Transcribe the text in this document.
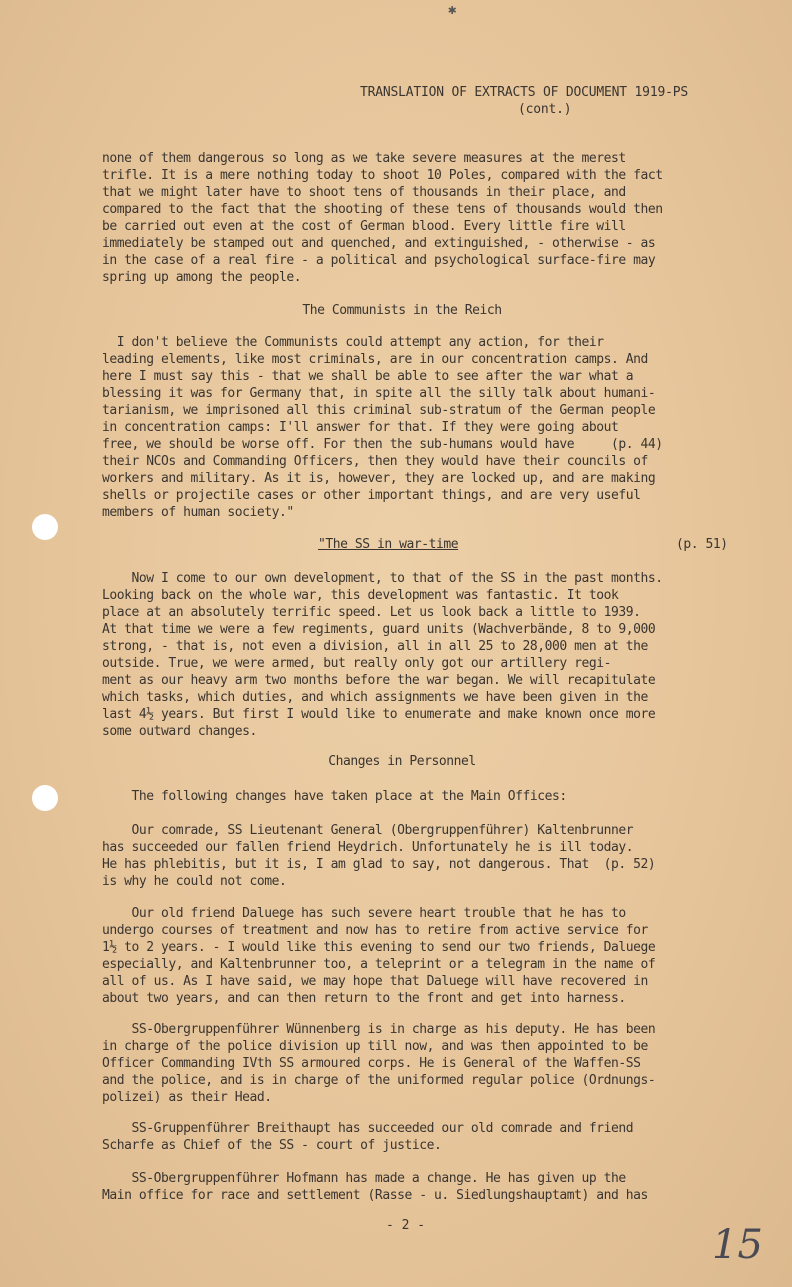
✱
TRANSLATION OF EXTRACTS OF DOCUMENT 1919-PS

(cont.)
none of them dangerous so long as we take severe measures at the merest
trifle. It is a mere nothing today to shoot 10 Poles, compared with the fact
that we might later have to shoot tens of thousands in their place, and
compared to the fact that the shooting of these tens of thousands would then
be carried out even at the cost of German blood. Every little fire will
immediately be stamped out and quenched, and extinguished, - otherwise - as
in the case of a real fire - a political and psychological surface-fire may
spring up among the people.
The Communists in the Reich
I don't believe the Communists could attempt any action, for their
leading elements, like most criminals, are in our concentration camps. And
here I must say this - that we shall be able to see after the war what a
blessing it was for Germany that, in spite all the silly talk about humani-
tarianism, we imprisoned all this criminal sub-stratum of the German people
in concentration camps: I'll answer for that. If they were going about
free, we should be worse off. For then the sub-humans would have     (p. 44)
their NCOs and Commanding Officers, then they would have their councils of
workers and military. As it is, however, they are locked up, and are making
shells or projectile cases or other important things, and are very useful
members of human society."
"The SS in war-time	(p. 51)
Now I come to our own development, to that of the SS in the past months.
Looking back on the whole war, this development was fantastic. It took
place at an absolutely terrific speed. Let us look back a little to 1939.
At that time we were a few regiments, guard units (Wachverbände, 8 to 9,000
strong, - that is, not even a division, all in all 25 to 28,000 men at the
outside. True, we were armed, but really only got our artillery regi-
ment as our heavy arm two months before the war began. We will recapitulate
which tasks, which duties, and which assignments we have been given in the
last 4½ years. But first I would like to enumerate and make known once more
some outward changes.
Changes in Personnel
The following changes have taken place at the Main Offices:
Our comrade, SS Lieutenant General (Obergruppenführer) Kaltenbrunner
has succeeded our fallen friend Heydrich. Unfortunately he is ill today.
He has phlebitis, but it is, I am glad to say, not dangerous. That  (p. 52)
is why he could not come.
Our old friend Daluege has such severe heart trouble that he has to
undergo courses of treatment and now has to retire from active service for
1½ to 2 years. - I would like this evening to send our two friends, Daluege
especially, and Kaltenbrunner too, a teleprint or a telegram in the name of
all of us. As I have said, we may hope that Daluege will have recovered in
about two years, and can then return to the front and get into harness.
SS-Obergruppenführer Wünnenberg is in charge as his deputy. He has been
in charge of the police division up till now, and was then appointed to be
Officer Commanding IVth SS armoured corps. He is General of the Waffen-SS
and the police, and is in charge of the uniformed regular police (Ordnungs-
polizei) as their Head.
SS-Gruppenführer Breithaupt has succeeded our old comrade and friend
Scharfe as Chief of the SS - court of justice.
SS-Obergruppenführer Hofmann has made a change. He has given up the
Main office for race and settlement (Rasse - u. Siedlungshauptamt) and has
- 2 -	15
